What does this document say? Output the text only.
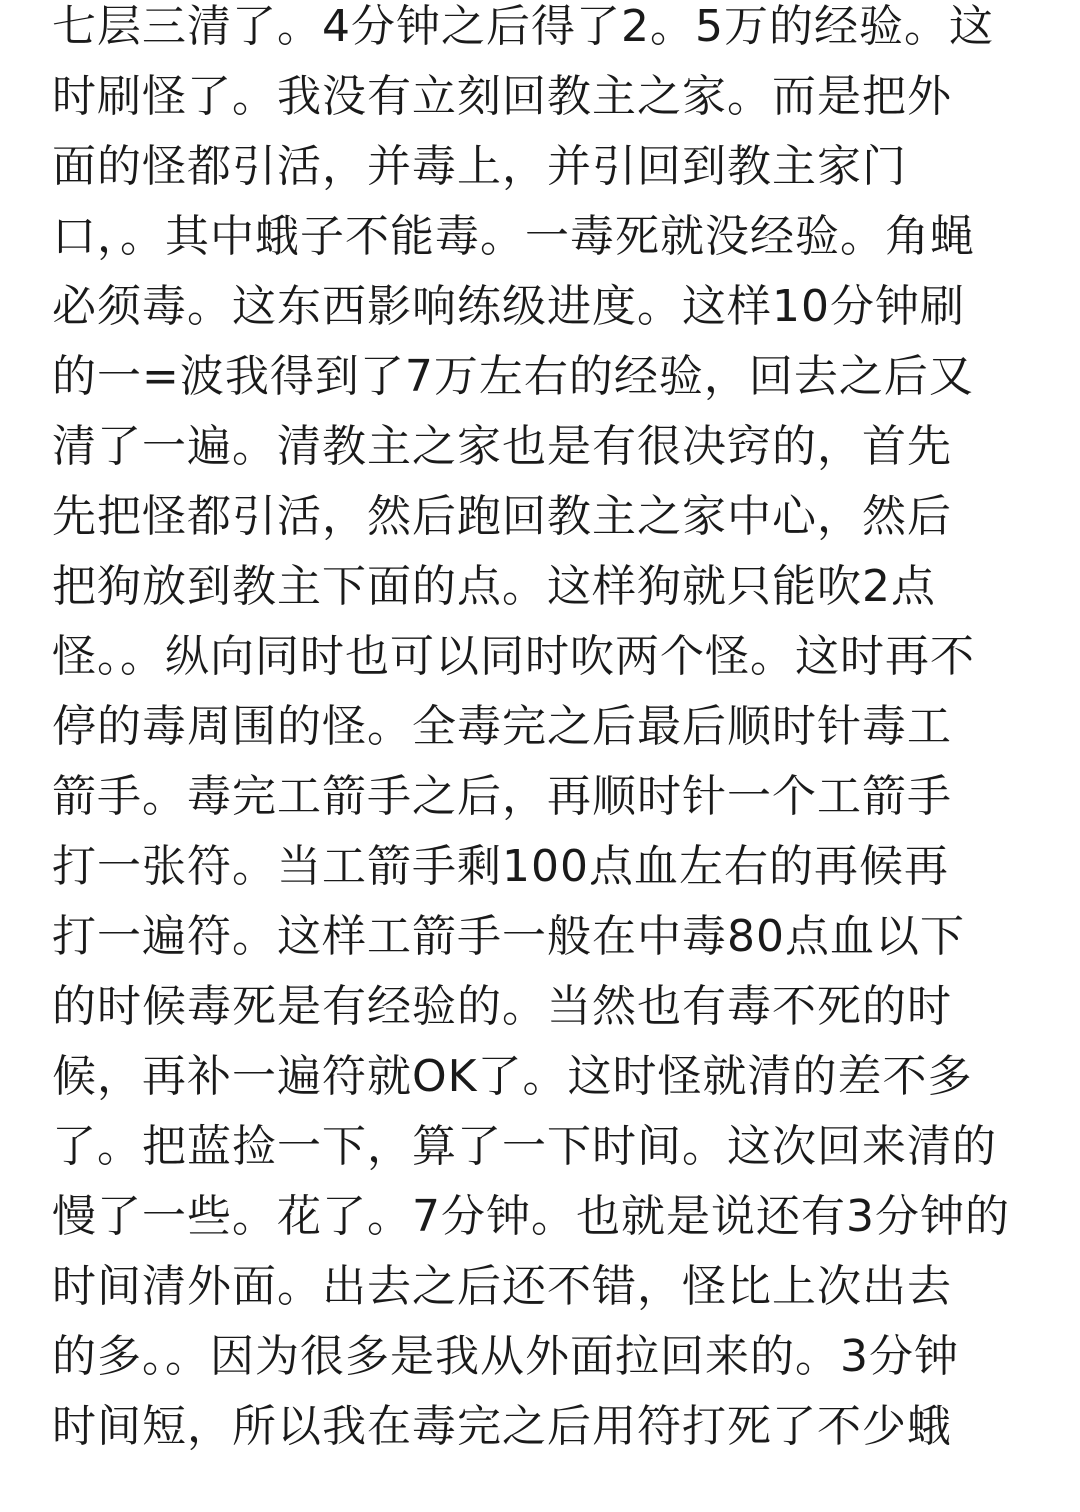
七层三清了。4分钟之后得了2。5万的经验。这
时刷怪了。我没有立刻回教主之家。而是把外
面的怪都引活，并毒上，并引回到教主家门
口，。其中蛾子不能毒。一毒死就没经验。角蝇
必须毒。这东西影响练级进度。这样10分钟刷
的一=波我得到了7万左右的经验，回去之后又
清了一遍。清教主之家也是有很决窍的，首先
先把怪都引活，然后跑回教主之家中心，然后
把狗放到教主下面的点。这样狗就只能吹2点
怪。。纵向同时也可以同时吹两个怪。这时再不
停的毒周围的怪。全毒完之后最后顺时针毒工
箭手。毒完工箭手之后，再顺时针一个工箭手
打一张符。当工箭手剩100点血左右的再候再
打一遍符。这样工箭手一般在中毒80点血以下
的时候毒死是有经验的。当然也有毒不死的时
候，再补一遍符就OK了。这时怪就清的差不多
了。把蓝捡一下，算了一下时间。这次回来清的
慢了一些。花了。7分钟。也就是说还有3分钟的
时间清外面。出去之后还不错，怪比上次出去
的多。。因为很多是我从外面拉回来的。3分钟
时间短，所以我在毒完之后用符打死了不少蛾
